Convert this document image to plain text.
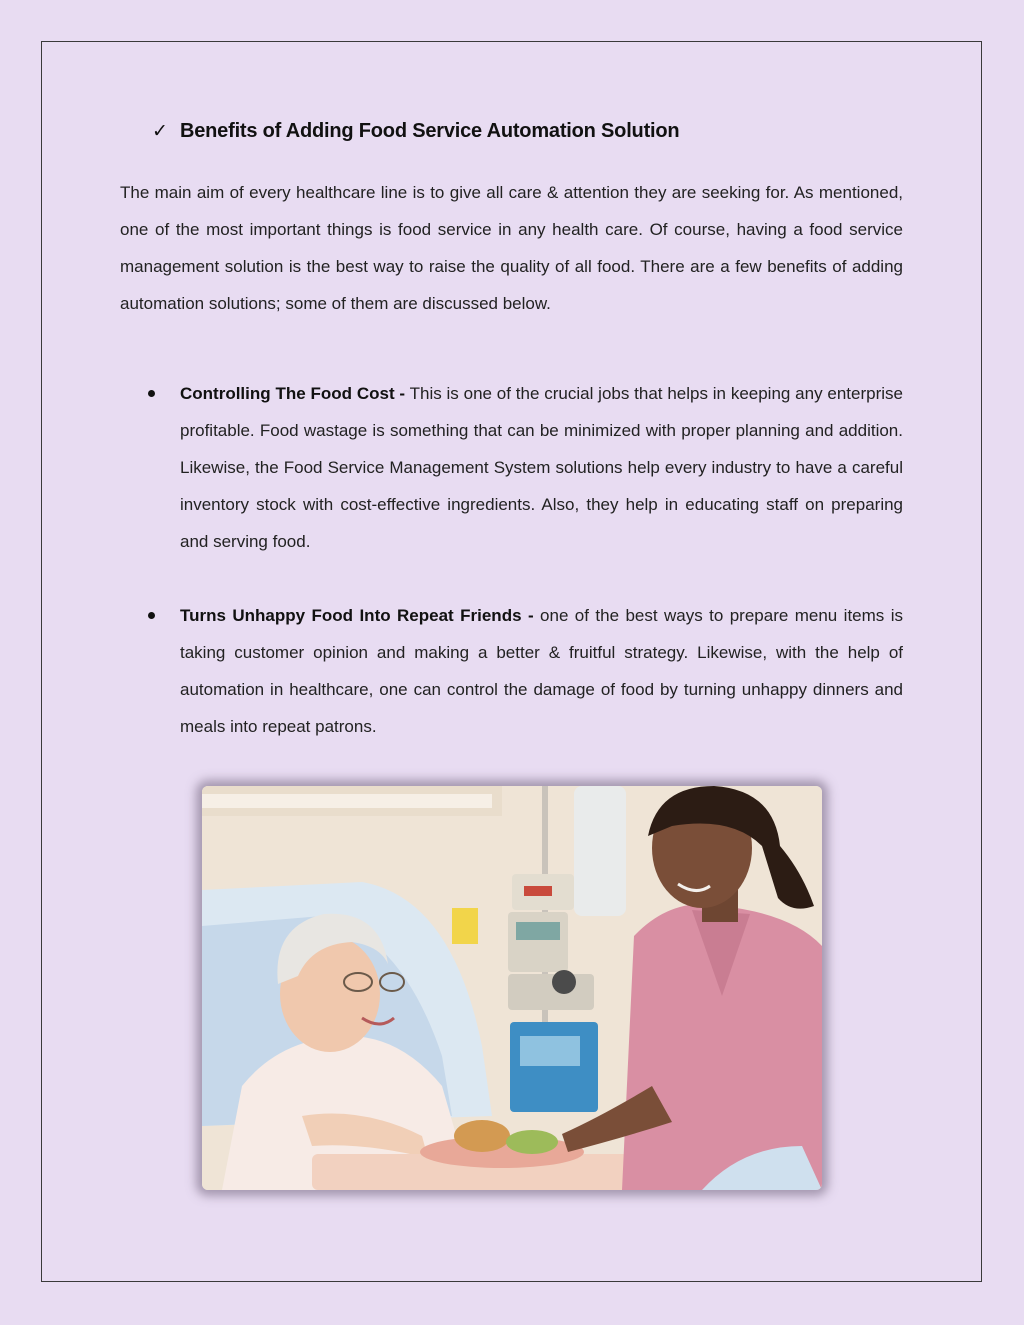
✓ Benefits of Adding Food Service Automation Solution

The main aim of every healthcare line is to give all care & attention they are seeking for. As mentioned, one of the most important things is food service in any health care. Of course, having a food service management solution is the best way to raise the quality of all food. There are a few benefits of adding automation solutions; some of them are discussed below.

Controlling The Food Cost - This is one of the crucial jobs that helps in keeping any enterprise profitable. Food wastage is something that can be minimized with proper planning and addition. Likewise, the Food Service Management System solutions help every industry to have a careful inventory stock with cost-effective ingredients. Also, they help in educating staff on preparing and serving food.

Turns Unhappy Food Into Repeat Friends - one of the best ways to prepare menu items is taking customer opinion and making a better & fruitful strategy. Likewise, with the help of automation in healthcare, one can control the damage of food by turning unhappy dinners and meals into repeat patrons.
